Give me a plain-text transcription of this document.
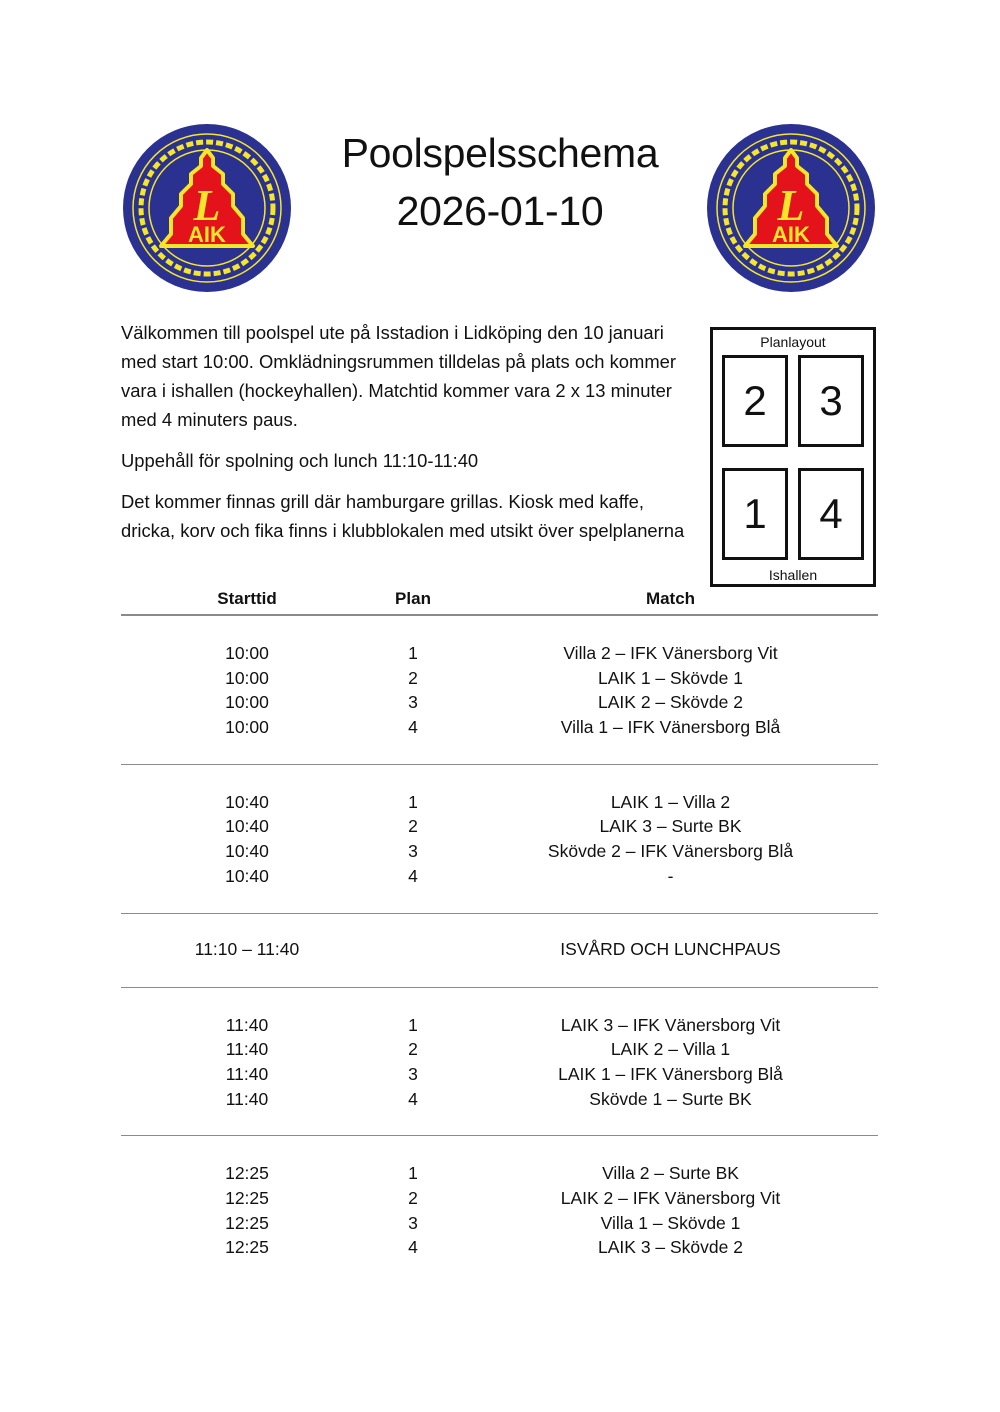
L
AIK
L
AIK
Poolspelsschema
2026-01-10

Välkommen till poolspel ute på Isstadion i Lidköping den 10 januari med start 10:00. Omklädningsrummen tilldelas på plats och kommer vara i ishallen (hockeyhallen). Matchtid kommer vara 2 x 13 minuter med 4 minuters paus.

Uppehåll för spolning och lunch 11:10-11:40

Det kommer finnas grill där hamburgare grillas. Kiosk med kaffe, dricka, korv och fika finns i klubblokalen med utsikt över spelplanerna

Planlayout
2	3
1	4
Ishallen
Starttid	Plan	Match
10:00	1	Villa 2 – IFK Vänersborg Vit
10:00	2	LAIK 1 – Skövde 1
10:00	3	LAIK 2 – Skövde 2
10:00	4	Villa 1 – IFK Vänersborg Blå
10:40	1	LAIK 1 – Villa 2
10:40	2	LAIK 3 – Surte BK
10:40	3	Skövde 2 – IFK Vänersborg Blå
10:40	4	-
11:10 – 11:40	ISVÅRD OCH LUNCHPAUS
11:40	1	LAIK 3 – IFK Vänersborg Vit
11:40	2	LAIK 2 – Villa 1
11:40	3	LAIK 1 – IFK Vänersborg Blå
11:40	4	Skövde 1 – Surte BK
12:25	1	Villa 2 – Surte BK
12:25	2	LAIK 2 – IFK Vänersborg Vit
12:25	3	Villa 1 – Skövde 1
12:25	4	LAIK 3 – Skövde 2
